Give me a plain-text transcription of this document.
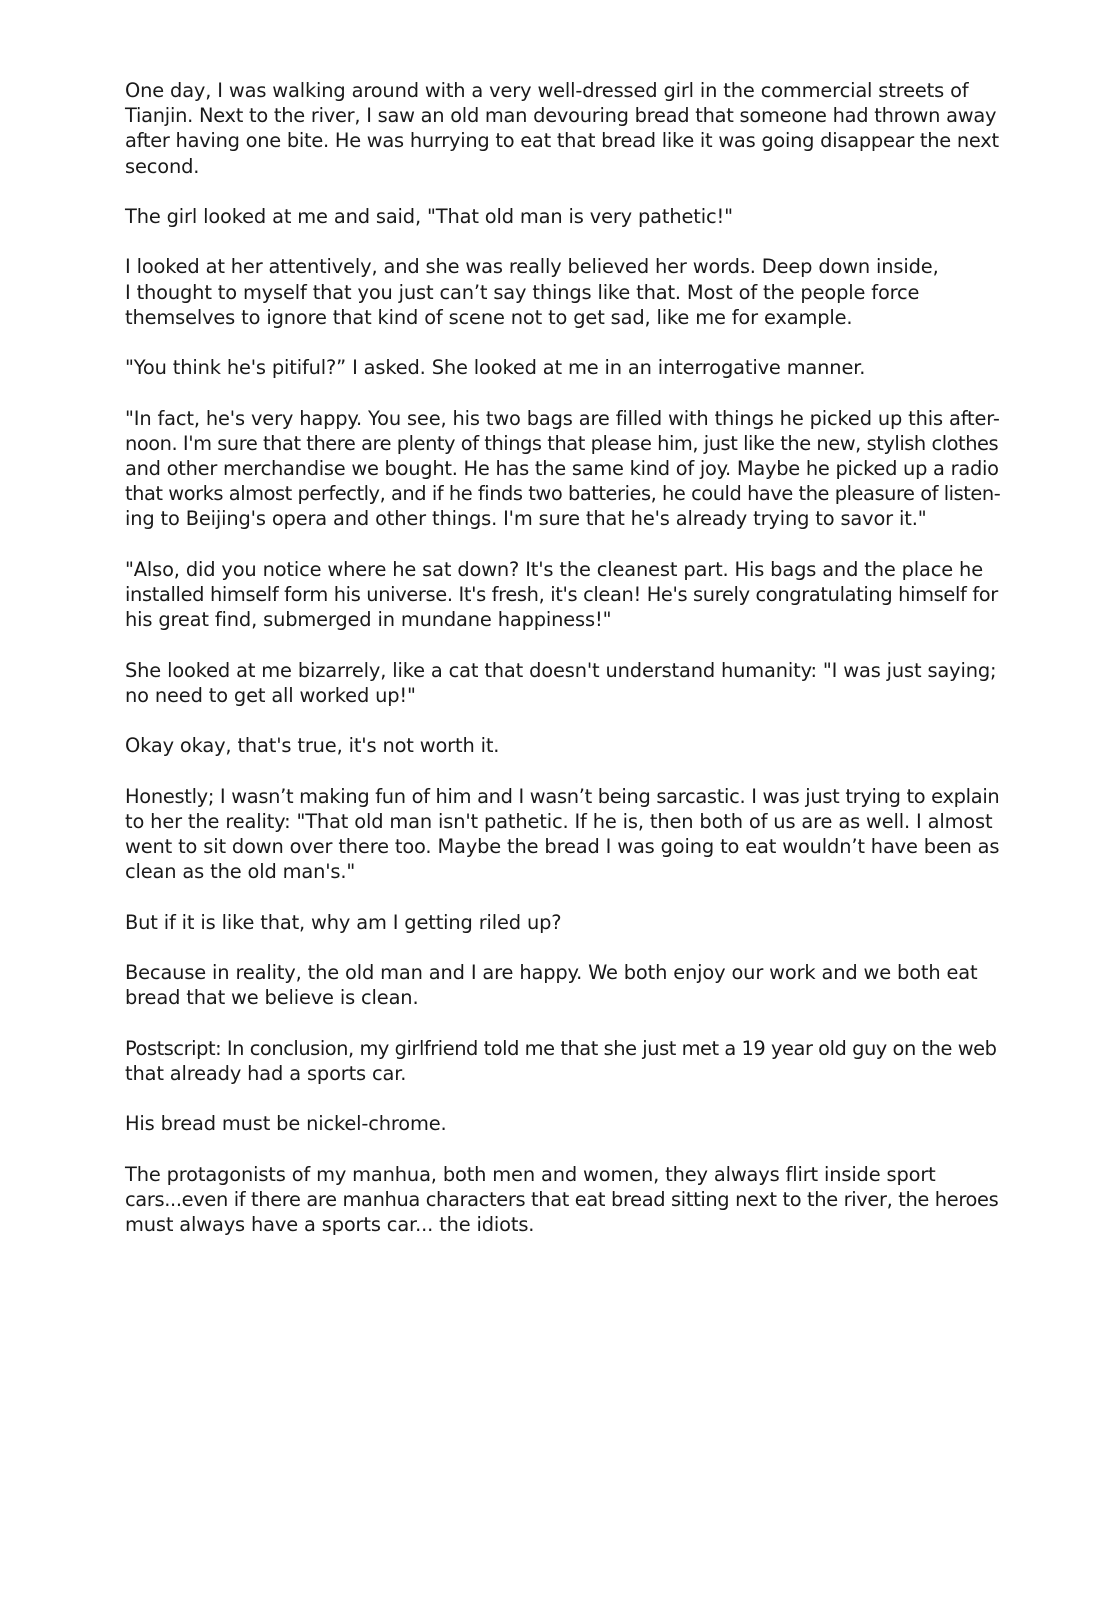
One day, I was walking around with a very well-dressed girl in the commercial streets of
Tianjin. Next to the river, I saw an old man devouring bread that someone had thrown away
after having one bite. He was hurrying to eat that bread like it was going disappear the next
second.

The girl looked at me and said, "That old man is very pathetic!"

I looked at her attentively, and she was really believed her words. Deep down inside,
I thought to myself that you just can’t say things like that. Most of the people force
themselves to ignore that kind of scene not to get sad, like me for example.

"You think he's pitiful?” I asked. She looked at me in an interrogative manner.

"In fact, he's very happy. You see, his two bags are filled with things he picked up this after-
noon. I'm sure that there are plenty of things that please him, just like the new, stylish clothes
and other merchandise we bought. He has the same kind of joy. Maybe he picked up a radio
that works almost perfectly, and if he finds two batteries, he could have the pleasure of listen-
ing to Beijing's opera and other things. I'm sure that he's already trying to savor it."

"Also, did you notice where he sat down? It's the cleanest part. His bags and the place he
installed himself form his universe. It's fresh, it's clean! He's surely congratulating himself for
his great find, submerged in mundane happiness!"

She looked at me bizarrely, like a cat that doesn't understand humanity: "I was just saying;
no need to get all worked up!"

Okay okay, that's true, it's not worth it.

Honestly; I wasn’t making fun of him and I wasn’t being sarcastic. I was just trying to explain
to her the reality: "That old man isn't pathetic. If he is, then both of us are as well. I almost
went to sit down over there too. Maybe the bread I was going to eat wouldn’t have been as
clean as the old man's."

But if it is like that, why am I getting riled up?

Because in reality, the old man and I are happy. We both enjoy our work and we both eat
bread that we believe is clean.

Postscript: In conclusion, my girlfriend told me that she just met a 19 year old guy on the web
that already had a sports car.

His bread must be nickel-chrome.

The protagonists of my manhua, both men and women, they always flirt inside sport
cars...even if there are manhua characters that eat bread sitting next to the river, the heroes
must always have a sports car... the idiots.
